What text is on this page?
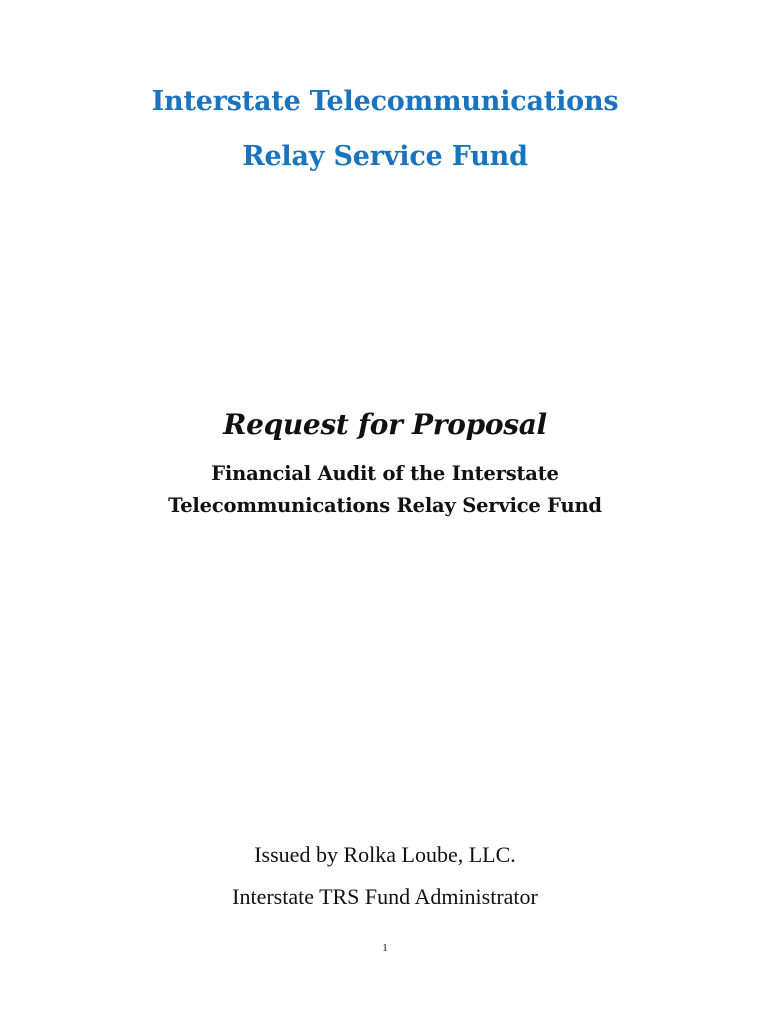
Interstate Telecommunications
Relay Service Fund
Request for Proposal
Financial Audit of the Interstate
Telecommunications Relay Service Fund
Issued by Rolka Loube, LLC.
Interstate TRS Fund Administrator
1
